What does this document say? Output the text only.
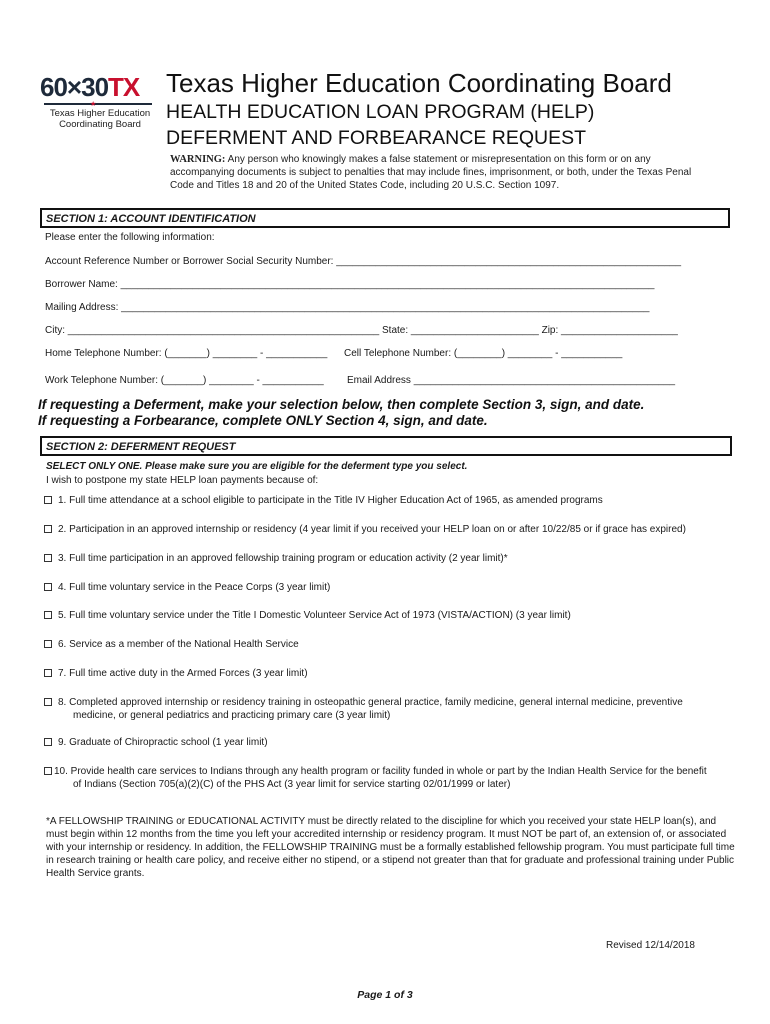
60×30TX
★
Texas Higher Education Coordinating Board
Texas Higher Education Coordinating Board
HEALTH EDUCATION LOAN PROGRAM (HELP)
DEFERMENT AND FORBEARANCE REQUEST
WARNING: Any person who knowingly makes a false statement or misrepresentation on this form or on any accompanying documents is subject to penalties that may include fines, imprisonment, or both, under the Texas Penal Code and Titles 18 and 20 of the United States Code, including 20 U.S.C. Section 1097.
SECTION 1: ACCOUNT IDENTIFICATION
Please enter the following information:
Account Reference Number or Borrower Social Security Number: ______________________________________________________________
Borrower Name: ________________________________________________________________________________________________
Mailing Address: _______________________________________________________________________________________________
City: ________________________________________________________ State: _______________________ Zip: _____________________
Home Telephone Number: (_______) ________ - ___________ Cell Telephone Number: (________) ________ - ___________
Work Telephone Number: (_______) ________ - ___________ Email Address _______________________________________________
If requesting a Deferment, make your selection below, then complete Section 3, sign, and date.
If requesting a Forbearance, complete ONLY Section 4, sign, and date.
SECTION 2: DEFERMENT REQUEST
SELECT ONLY ONE. Please make sure you are eligible for the deferment type you select.
I wish to postpone my state HELP loan payments because of:
1. Full time attendance at a school eligible to participate in the Title IV Higher Education Act of 1965, as amended programs
2. Participation in an approved internship or residency (4 year limit if you received your HELP loan on or after 10/22/85 or if grace has expired)
3. Full time participation in an approved fellowship training program or education activity (2 year limit)*
4. Full time voluntary service in the Peace Corps (3 year limit)
5. Full time voluntary service under the Title I Domestic Volunteer Service Act of 1973 (VISTA/ACTION) (3 year limit)
6. Service as a member of the National Health Service
7. Full time active duty in the Armed Forces (3 year limit)
8. Completed approved internship or residency training in osteopathic general practice, family medicine, general internal medicine, preventive
medicine, or general pediatrics and practicing primary care (3 year limit)
9. Graduate of Chiropractic school (1 year limit)
10. Provide health care services to Indians through any health program or facility funded in whole or part by the Indian Health Service for the benefit
of Indians (Section 705(a)(2)(C) of the PHS Act (3 year limit for service starting 02/01/1999 or later)
*A FELLOWSHIP TRAINING or EDUCATIONAL ACTIVITY must be directly related to the discipline for which you received your state HELP loan(s), and must begin within 12 months from the time you left your accredited internship or residency program. It must NOT be part of, an extension of, or associated with your internship or residency. In addition, the FELLOWSHIP TRAINING must be a formally established fellowship program. You must participate full time in research training or health care policy, and receive either no stipend, or a stipend not greater than that for graduate and professional training under Public Health Service grants.
Revised 12/14/2018
Page 1 of 3
